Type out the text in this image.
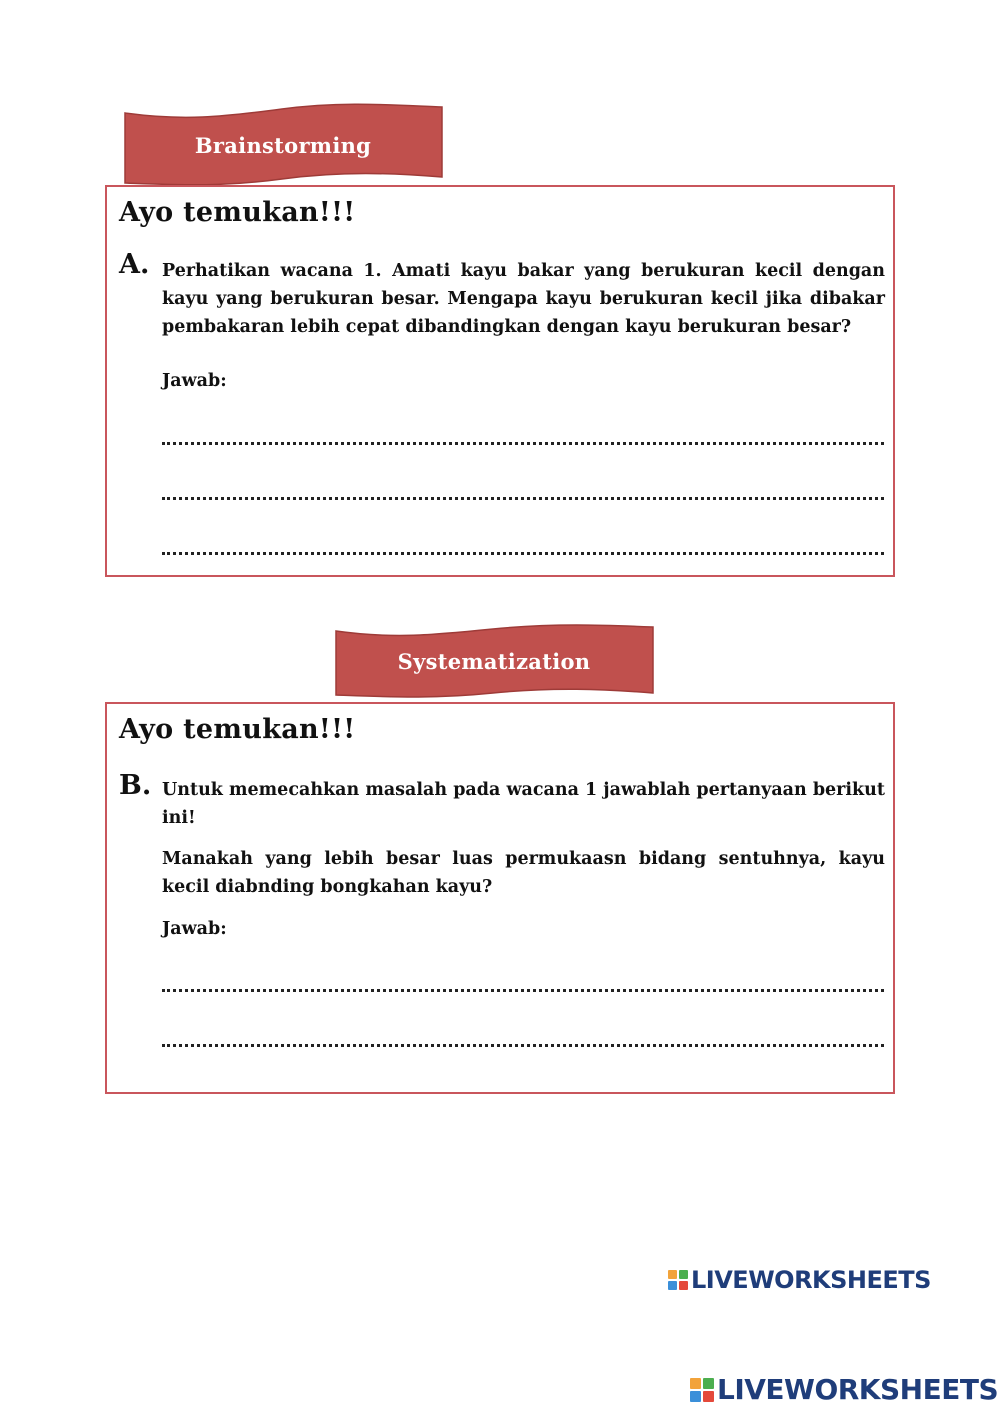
Brainstorming
Ayo temukan!!!
A. Perhatikan wacana 1. Amati kayu bakar yang berukuran kecil dengan kayu yang berukuran besar. Mengapa kayu berukuran kecil jika dibakar pembakaran lebih cepat dibandingkan dengan kayu berukuran besar?
Jawab:
Systematization
Ayo temukan!!!
B. Untuk memecahkan masalah pada wacana 1 jawablah pertanyaan berikut ini!
Manakah yang lebih besar luas permukaasn bidang sentuhnya, kayu kecil diabnding bongkahan kayu?
Jawab:
LIVEWORKSHEETS
LIVEWORKSHEETS
